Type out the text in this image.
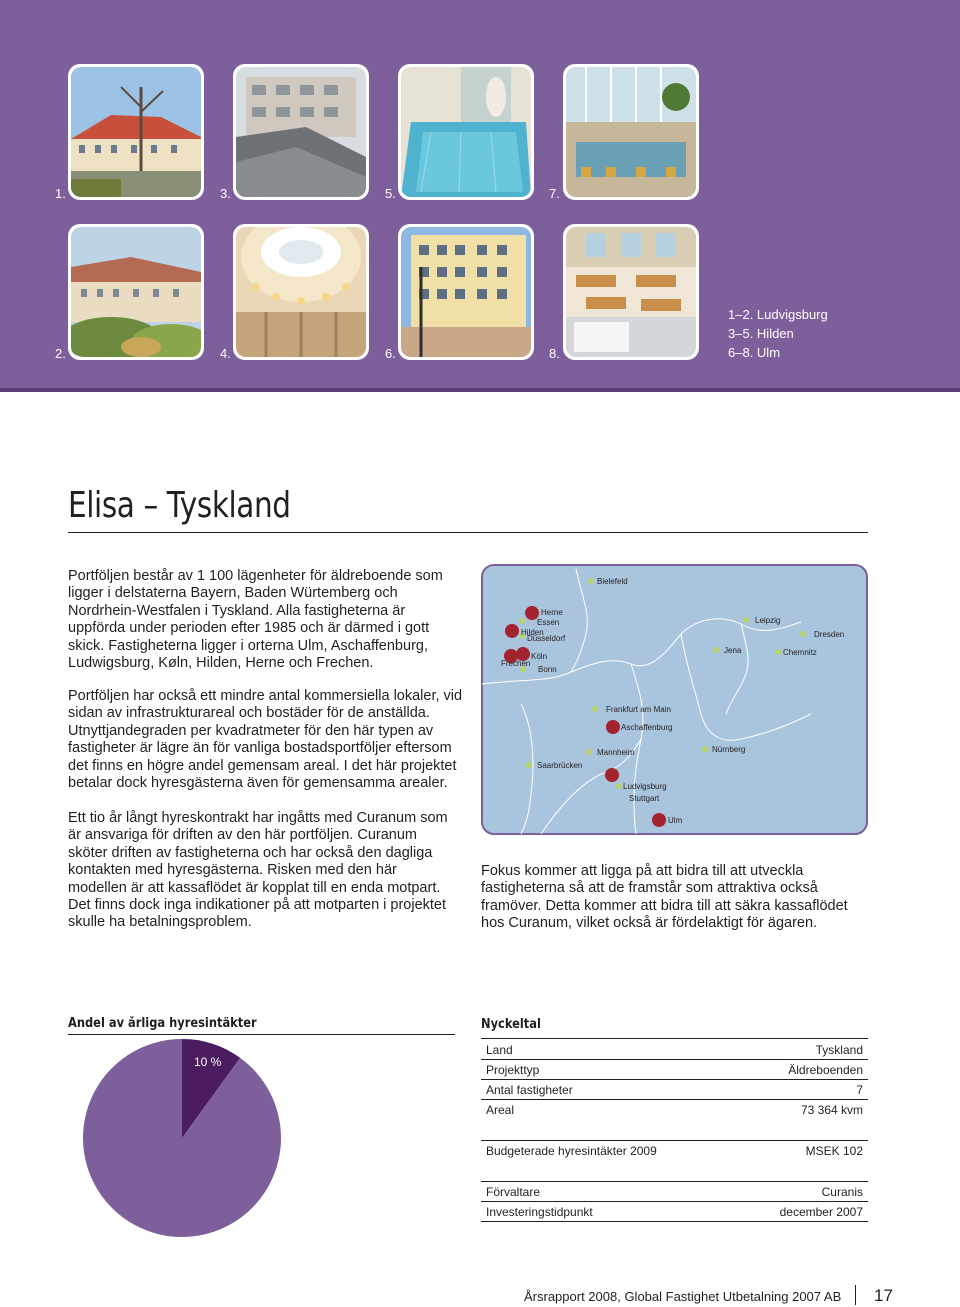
1.	3.	5.	7.
2.	4.	6.	8.
1–2. Ludvigsburg
3–5. Hilden
6–8. Ulm
Elisa – Tyskland

Portföljen består av 1 100 lägenheter för äldreboende som ligger i delstaterna Bayern, Baden Würtemberg och Nordrhein-Westfalen i Tyskland. Alla fastigheterna är uppförda under perioden efter 1985 och är därmed i gott skick. Fastigheterna ligger i orterna Ulm, Aschaffenburg, Ludwigsburg, Køln, Hilden, Herne och Frechen.

Portföljen har också ett mindre antal kommersiella lokaler, vid sidan av infrastrukturareal och bostäder för de anställda. Utnyttjandegraden per kvadratmeter för den här typen av fastigheter är lägre än för vanliga bostadsportföljer eftersom det finns en högre andel gemensam areal. I det här projektet betalar dock hyresgästerna även för gemensamma arealer.

Ett tio år långt hyreskontrakt har ingåtts med Curanum som är ansvariga för driften av den här portföljen. Curanum sköter driften av fastigheterna och har också den dagliga kontakten med hyresgästerna. Risken med den här modellen är att kassaflödet är kopplat till en enda motpart. Det finns dock inga indikationer på att motparten i projektet skulle ha betalningsproblem.

Fokus kommer att ligga på att bidra till att utveckla fastigheterna så att de framstår som attraktiva också framöver. Detta kommer att bidra till att säkra kassaflödet hos Curanum, vilket också är fördelaktigt för ägaren.

Bielefeld
Herne
Essen
Hilden
Düsseldorf
Frechen
Köln
Bonn
Leipzig
Dresden
Jena	Chemnitz
Frankfurt am Main
Aschaffenburg
Mannheim	Nürnberg
Saarbrücken
Ludvigsburg
Stuttgart
Ulm
Andel av årliga hyresintäkter
10 %
Nyckeltal
Land	Tyskland
Projekttyp	Äldreboenden
Antal fastigheter	7
Areal	73 364 kvm
Budgeterade hyresintäkter 2009	MSEK 102
Förvaltare	Curanis
Investeringstidpunkt	december 2007
Årsrapport 2008, Global Fastighet Utbetalning 2007 AB 17
